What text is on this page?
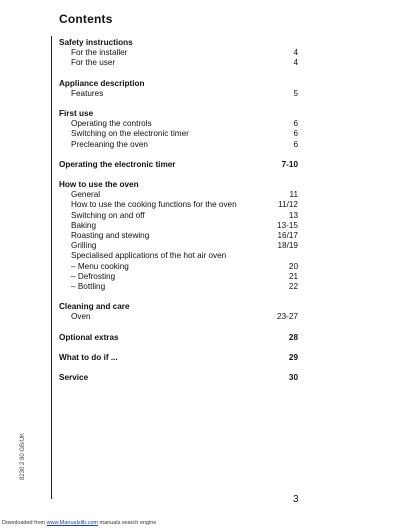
Contents
Safety instructions
For the installer	4
For the user	4
Appliance description
Features	5
First use
Operating the controls	6
Switching on the electronic timer	6
Precleaning the oven	6
Operating the electronic timer	7-10
How to use the oven
General	11
How to use the cooking functions for the oven	11/12
Switching on and off	13
Baking	13-15
Roasting and stewing	16/17
Grilling	18/19
Specialised applications of the hot air oven
– Menu cooking	20
– Defrosting	21
– Bottling	22
Cleaning and care
Oven	23-27
Optional extras	28
What to do if ...	29
Service	30
8230 2 80 GB/UK
3
Downloaded from www.Manualslib.com manuals search engine
